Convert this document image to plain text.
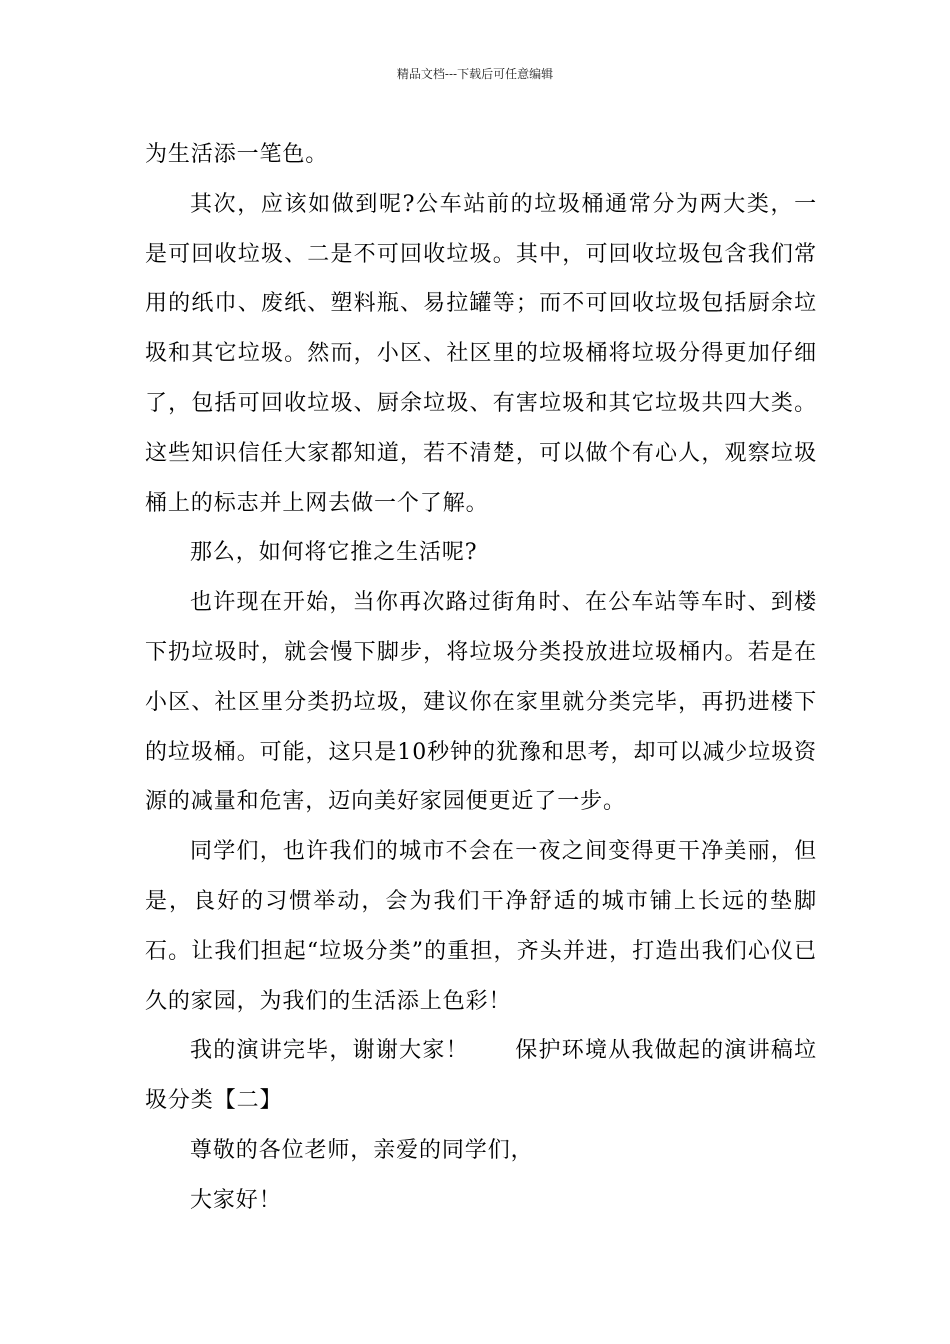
精品文档---下载后可任意编辑

为生活添一笔色。

其次，应该如做到呢?公车站前的垃圾桶通常分为两大类，一是可回收垃圾、二是不可回收垃圾。其中，可回收垃圾包含我们常用的纸巾、废纸、塑料瓶、易拉罐等；而不可回收垃圾包括厨余垃圾和其它垃圾。然而，小区、社区里的垃圾桶将垃圾分得更加仔细了，包括可回收垃圾、厨余垃圾、有害垃圾和其它垃圾共四大类。这些知识信任大家都知道，若不清楚，可以做个有心人，观察垃圾桶上的标志并上网去做一个了解。

那么，如何将它推之生活呢?

也许现在开始，当你再次路过街角时、在公车站等车时、到楼下扔垃圾时，就会慢下脚步，将垃圾分类投放进垃圾桶内。若是在小区、社区里分类扔垃圾，建议你在家里就分类完毕，再扔进楼下的垃圾桶。可能，这只是10秒钟的犹豫和思考，却可以减少垃圾资源的减量和危害，迈向美好家园便更近了一步。

同学们，也许我们的城市不会在一夜之间变得更干净美丽，但是，良好的习惯举动，会为我们干净舒适的城市铺上长远的垫脚石。让我们担起“垃圾分类”的重担，齐头并进，打造出我们心仪已久的家园，为我们的生活添上色彩！

我的演讲完毕，谢谢大家！　　保护环境从我做起的演讲稿垃圾分类【二】

尊敬的各位老师，亲爱的同学们，

大家好！
